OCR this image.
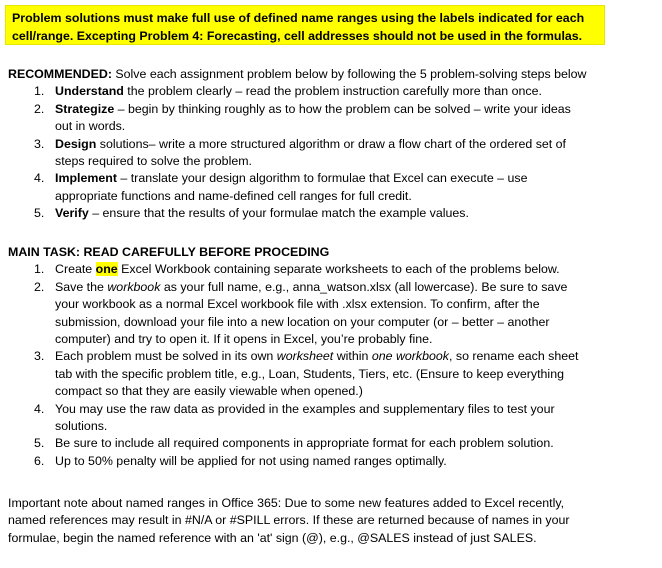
Problem solutions must make full use of defined name ranges using the labels indicated for each
cell/range. Excepting Problem 4: Forecasting, cell addresses should not be used in the formulas.
RECOMMENDED: Solve each assignment problem below by following the 5 problem-solving steps below
1. Understand the problem clearly – read the problem instruction carefully more than once.
2. Strategize – begin by thinking roughly as to how the problem can be solved – write your ideas
out in words.
3. Design solutions– write a more structured algorithm or draw a flow chart of the ordered set of
steps required to solve the problem.
4. Implement – translate your design algorithm to formulae that Excel can execute – use
appropriate functions and name-defined cell ranges for full credit.
5. Verify – ensure that the results of your formulae match the example values.
MAIN TASK: READ CAREFULLY BEFORE PROCEDING
1. Create one Excel Workbook containing separate worksheets to each of the problems below.
2. Save the workbook as your full name, e.g., anna_watson.xlsx (all lowercase). Be sure to save
your workbook as a normal Excel workbook file with .xlsx extension. To confirm, after the
submission, download your file into a new location on your computer (or – better – another
computer) and try to open it. If it opens in Excel, you’re probably fine.
3. Each problem must be solved in its own worksheet within one workbook, so rename each sheet
tab with the specific problem title, e.g., Loan, Students, Tiers, etc. (Ensure to keep everything
compact so that they are easily viewable when opened.)
4. You may use the raw data as provided in the examples and supplementary files to test your
solutions.
5. Be sure to include all required components in appropriate format for each problem solution.
6. Up to 50% penalty will be applied for not using named ranges optimally.
Important note about named ranges in Office 365: Due to some new features added to Excel recently,
named references may result in #N/A or #SPILL errors. If these are returned because of names in your
formulae, begin the named reference with an 'at' sign (@), e.g., @SALES instead of just SALES.
